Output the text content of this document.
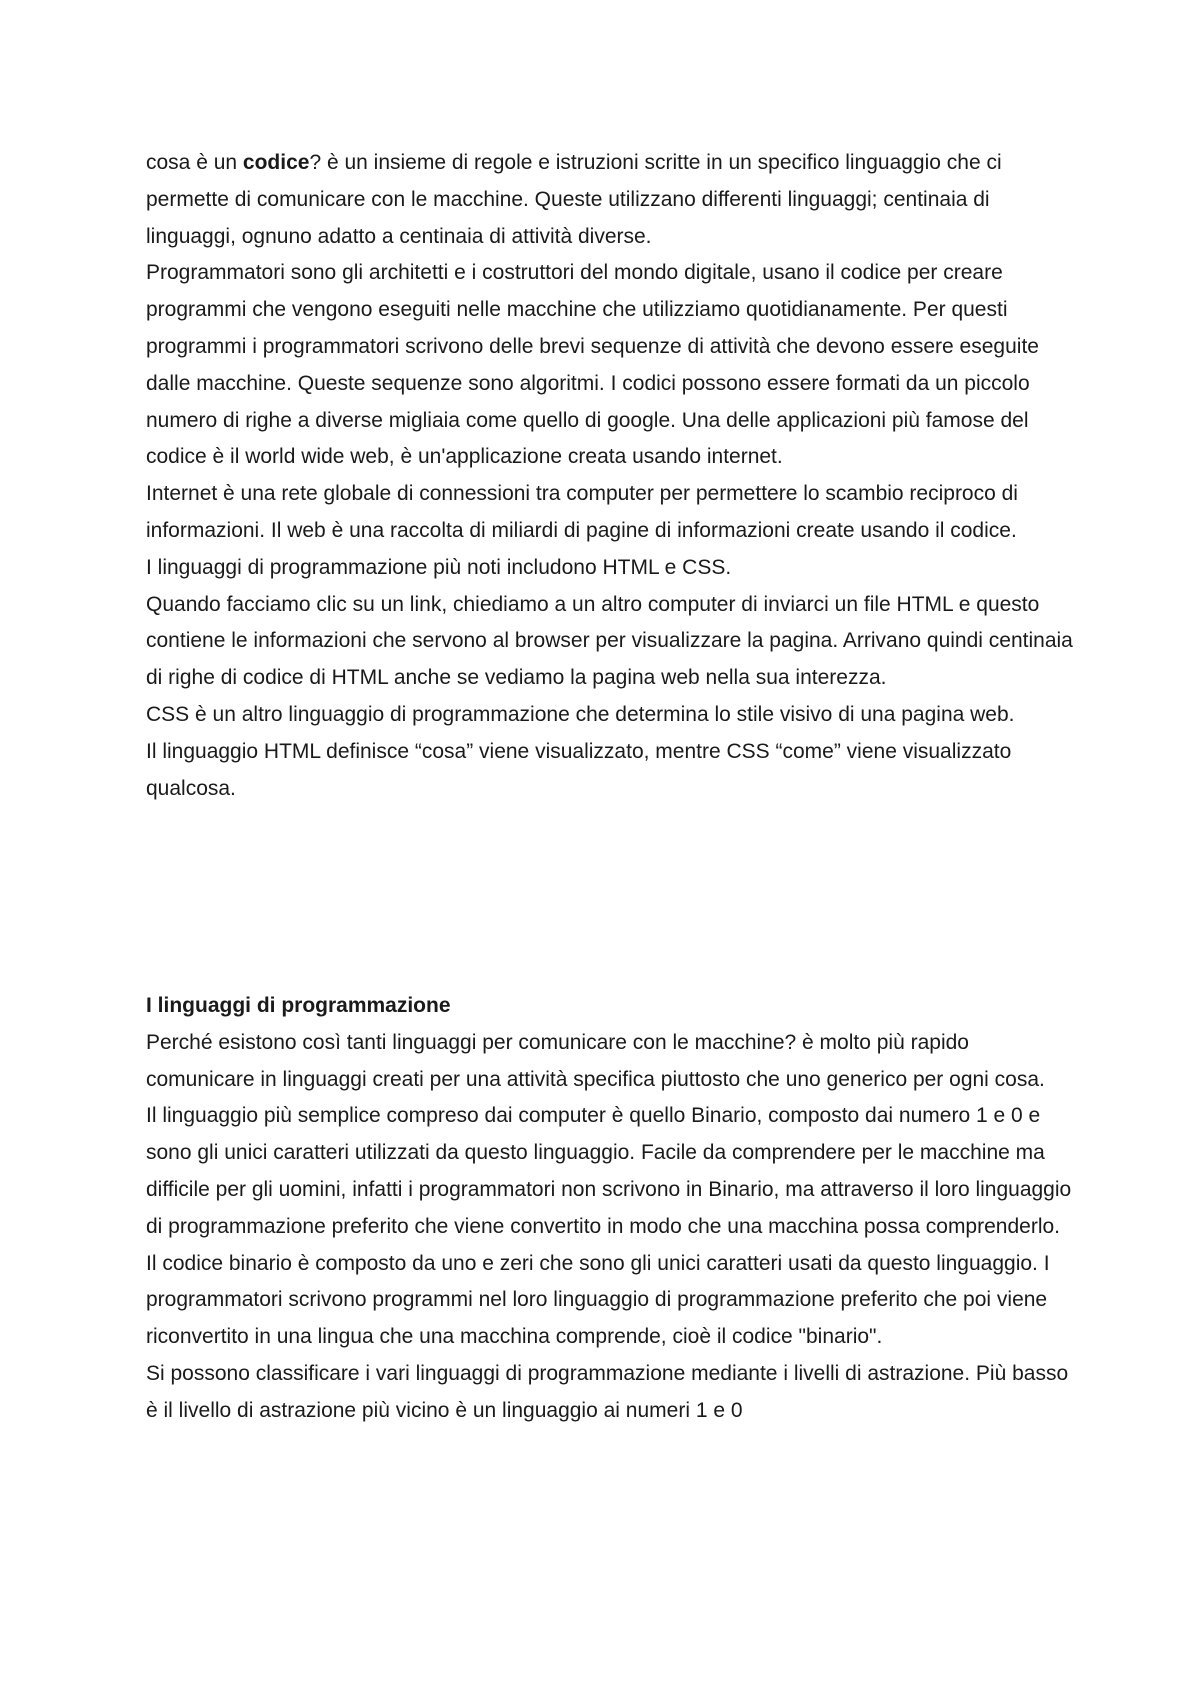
cosa è un codice? è un insieme di regole e istruzioni scritte in un specifico linguaggio che ci permette di comunicare con le macchine. Queste utilizzano differenti linguaggi; centinaia di linguaggi, ognuno adatto a centinaia di attività diverse.

Programmatori sono gli architetti e i costruttori del mondo digitale, usano il codice per creare programmi che vengono eseguiti nelle macchine che utilizziamo quotidianamente. Per questi programmi i programmatori scrivono delle brevi sequenze di attività che devono essere eseguite dalle macchine. Queste sequenze sono algoritmi. I codici possono essere formati da un piccolo numero di righe a diverse migliaia come quello di google. Una delle applicazioni più famose del codice è il world wide web, è un'applicazione creata usando internet.

Internet è una rete globale di connessioni tra computer per permettere lo scambio reciproco di informazioni. Il web è una raccolta di miliardi di pagine di informazioni create usando il codice.

I linguaggi di programmazione più noti includono HTML e CSS.

Quando facciamo clic su un link, chiediamo a un altro computer di inviarci un file HTML e questo contiene le informazioni che servono al browser per visualizzare la pagina. Arrivano quindi centinaia di righe di codice di HTML anche se vediamo la pagina web nella sua interezza.

CSS è un altro linguaggio di programmazione che determina lo stile visivo di una pagina web.

Il linguaggio HTML definisce “cosa” viene visualizzato, mentre CSS “come” viene visualizzato qualcosa.

I linguaggi di programmazione

Perché esistono così tanti linguaggi per comunicare con le macchine? è molto più rapido comunicare in linguaggi creati per una attività specifica piuttosto che uno generico per ogni cosa.

Il linguaggio più semplice compreso dai computer è quello Binario, composto dai numero 1 e 0 e sono gli unici caratteri utilizzati da questo linguaggio. Facile da comprendere per le macchine ma difficile per gli uomini, infatti i programmatori non scrivono in Binario, ma attraverso il loro linguaggio di programmazione preferito che viene convertito in modo che una macchina possa comprenderlo. Il codice binario è composto da uno e zeri che sono gli unici caratteri usati da questo linguaggio. I programmatori scrivono programmi nel loro linguaggio di programmazione preferito che poi viene riconvertito in una lingua che una macchina comprende, cioè il codice "binario".

Si possono classificare i vari linguaggi di programmazione mediante i livelli di astrazione. Più basso è il livello di astrazione più vicino è un linguaggio ai numeri 1 e 0
